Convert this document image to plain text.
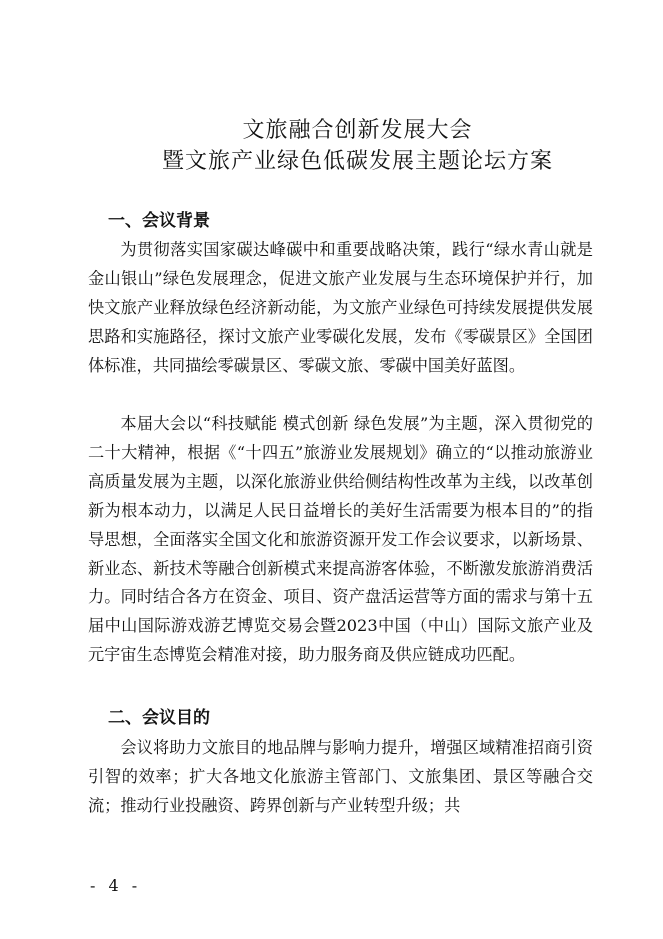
文旅融合创新发展大会
暨文旅产业绿色低碳发展主题论坛方案
一、会议背景

为贯彻落实国家碳达峰碳中和重要战略决策，践行“绿水青山就是金山银山”绿色发展理念，促进文旅产业发展与生态环境保护并行，加快文旅产业释放绿色经济新动能，为文旅产业绿色可持续发展提供发展思路和实施路径，探讨文旅产业零碳化发展，发布《零碳景区》全国团体标准，共同描绘零碳景区、零碳文旅、零碳中国美好蓝图。

本届大会以“科技赋能 模式创新 绿色发展”为主题，深入贯彻党的二十大精神，根据《“十四五”旅游业发展规划》确立的“以推动旅游业高质量发展为主题，以深化旅游业供给侧结构性改革为主线，以改革创新为根本动力，以满足人民日益增长的美好生活需要为根本目的”的指导思想，全面落实全国文化和旅游资源开发工作会议要求，以新场景、新业态、新技术等融合创新模式来提高游客体验，不断激发旅游消费活力。同时结合各方在资金、项目、资产盘活运营等方面的需求与第十五届中山国际游戏游艺博览交易会暨2023中国（中山）国际文旅产业及元宇宙生态博览会精准对接，助力服务商及供应链成功匹配。

二、会议目的

会议将助力文旅目的地品牌与影响力提升，增强区域精准招商引资引智的效率；扩大各地文化旅游主管部门、文旅集团、景区等融合交流；推动行业投融资、跨界创新与产业转型升级；共

- 4 -
